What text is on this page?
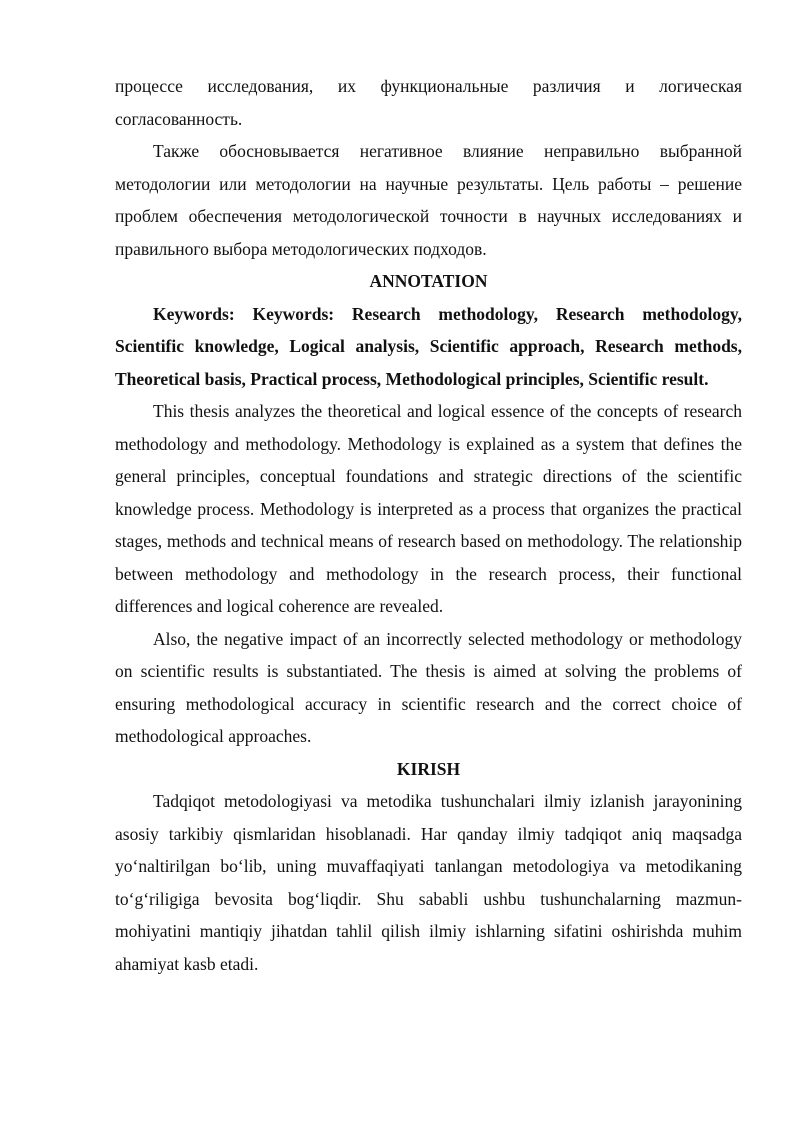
процессе исследования, их функциональные различия и логическая согласованность.

Также обосновывается негативное влияние неправильно выбранной методологии или методологии на научные результаты. Цель работы – решение проблем обеспечения методологической точности в научных исследованиях и правильного выбора методологических подходов.

ANNOTATION

Keywords: Keywords: Research methodology, Research methodology, Scientific knowledge, Logical analysis, Scientific approach, Research methods, Theoretical basis, Practical process, Methodological principles, Scientific result.

This thesis analyzes the theoretical and logical essence of the concepts of research methodology and methodology. Methodology is explained as a system that defines the general principles, conceptual foundations and strategic directions of the scientific knowledge process. Methodology is interpreted as a process that organizes the practical stages, methods and technical means of research based on methodology. The relationship between methodology and methodology in the research process, their functional differences and logical coherence are revealed.

Also, the negative impact of an incorrectly selected methodology or methodology on scientific results is substantiated. The thesis is aimed at solving the problems of ensuring methodological accuracy in scientific research and the correct choice of methodological approaches.

KIRISH

Tadqiqot metodologiyasi va metodika tushunchalari ilmiy izlanish jarayonining asosiy tarkibiy qismlaridan hisoblanadi. Har qanday ilmiy tadqiqot aniq maqsadga yo‘naltirilgan bo‘lib, uning muvaffaqiyati tanlangan metodologiya va metodikaning to‘g‘riligiga bevosita bog‘liqdir. Shu sababli ushbu tushunchalarning mazmun-mohiyatini mantiqiy jihatdan tahlil qilish ilmiy ishlarning sifatini oshirishda muhim ahamiyat kasb etadi.
